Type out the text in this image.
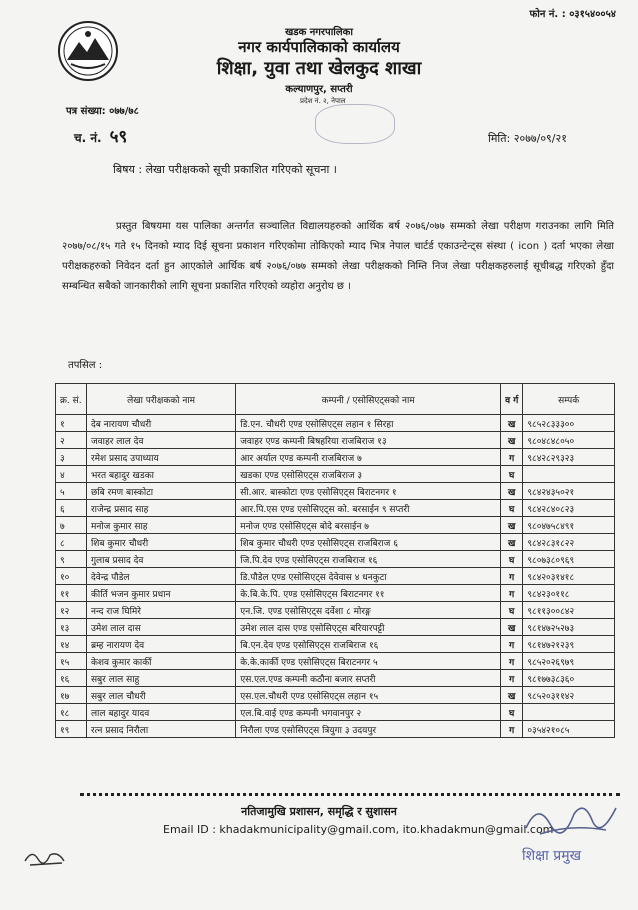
फोन नं. : ०३१५४००५४
खडक नगरपालिका
नगर कार्यपालिकाको कार्यालय
शिक्षा, युवा तथा खेलकुद शाखा
कल्याणपुर, सप्तरी
प्रदेश नं. २, नेपाल
पत्र संख्या: ०७७/७८
च. नं. ५९	मिति: २०७७/०९/२१
बिषय : लेखा परीक्षकको सूची प्रकाशित गरिएको सूचना ।
प्रस्तुत बिषयमा यस पालिका अन्तर्गत सञ्चालित विद्यालयहरुको आर्थिक बर्ष २०७६/०७७ सम्मको लेखा परीक्षण गराउनका लागि मिति २०७७/०८/१५ गते १५ दिनको म्याद दिई सूचना प्रकाशन गरिएकोमा तोकिएको म्याद भित्र नेपाल चार्टर्ड एकाउन्टेन्ट्स संस्था ( icon ) दर्ता भएका लेखा परीक्षकहरुको निवेदन दर्ता हुन आएकोले आर्थिक बर्ष २०७६/०७७ सम्मको लेखा परीक्षकको निम्ति निज लेखा परीक्षकहरुलाई सूचीबद्ध गरिएको हुँदा सम्बन्धित सबैको जानकारीको लागि सूचना प्रकाशित गरिएको व्यहोरा अनुरोध छ ।
तपसिल :
क्र. सं.	लेखा परीक्षकको नाम	कम्पनी / एसोसिएट्सको नाम	व र्ग	सम्पर्क
१	देब नारायण चौधरी	डि.एन. चौधरी एण्ड एसोसिएट्स लहान १ सिरहा	ख	९८५२८३३३००
२	जवाहर लाल देव	जवाहर एण्ड कम्पनी बिषहरिया राजबिराज १३	ख	९८०४८४८०५०
३	रमेश प्रसाद उपाध्याय	आर अर्याल एण्ड कम्पनी राजबिराज ७	ग	९८४२८२९३२३
४	भरत बहादुर खडका	खडका एण्ड एसोसिएट्स राजबिराज ३	घ	
५	छबि रमण बास्कोटा	सी.आर. बास्कोटा एण्ड एसोसिएट्स बिराटनगर १	ख	९८४२४३५०२१
६	राजेन्द्र प्रसाद साह	आर.पि.एस एण्ड एसोसिएट्स को. बरसाईन ९ सप्तरी	घ	९८४२८४०८२३
७	मनोज कुमार साह	मनोज एण्ड एसोसिएट्स बोदे बरसाईन ७	ख	९८०४७५८४९१
८	शिब कुमार चौधरी	शिब कुमार चौधरी एण्ड एसोसिएट्स राजबिराज ६	ख	९८४२८३१८२२
९	गुलाब प्रसाद देव	जि.पि.देव एण्ड एसोसिएट्स राजबिराज १६	घ	९८०७३८०९६९
१०	देवेन्द्र पौडेल	डि.पौडेल एण्ड एसोसिएट्स देवेवास ४ धनकुटा	ग	९८४२०३१४१८
११	कीर्ति भजन कुमार प्रधान	के.बि.के.पि. एण्ड एसोसिएट्स बिराटनगर ११	ग	९८४२३०११८
१२	नन्द राज घिमिरे	एन.जि. एण्ड एसोसिएट्स दर्वेशा ८ मोरङ्ग	घ	९८११३००८४२
१३	उमेश लाल दास	उमेश लाल दास एण्ड एसोसिएट्स बरियारपट्टी	ख	९८१४७२५२७३
१४	ब्रम्ह नारायण देव	बि.एन.देव एण्ड एसोसिएट्स राजबिराज १६	ग	९८१४७२१२३९
१५	केशव कुमार कार्की	के.के.कार्की एण्ड एसोसिएट्स बिराटनगर ५	ग	९८५२०२६९७९
१६	सबुर लाल साहु	एस.एल.एण्ड कम्पनी कठौना बजार सप्तरी	ग	९८१७७३८३६०
१७	सबुर लाल चौधरी	एस.एल.चौधरी एण्ड एसोसिएट्स लहान १५	ख	९८५२०३११४२
१८	लाल बहादुर यादव	एल.बि.वाई एण्ड कम्पनी भगवानपुर २	घ	
१९	रत्न प्रसाद निरौला	निरौला एण्ड एसोसिएट्स त्रियुगा ३ उदयपुर	ग	०३५४२१०८५
नतिजामुखि प्रशासन, समृद्धि र सुशासन
Email ID : khadakmunicipality@gmail.com, ito.khadakmun@gmail.com
शिक्षा प्रमुख
